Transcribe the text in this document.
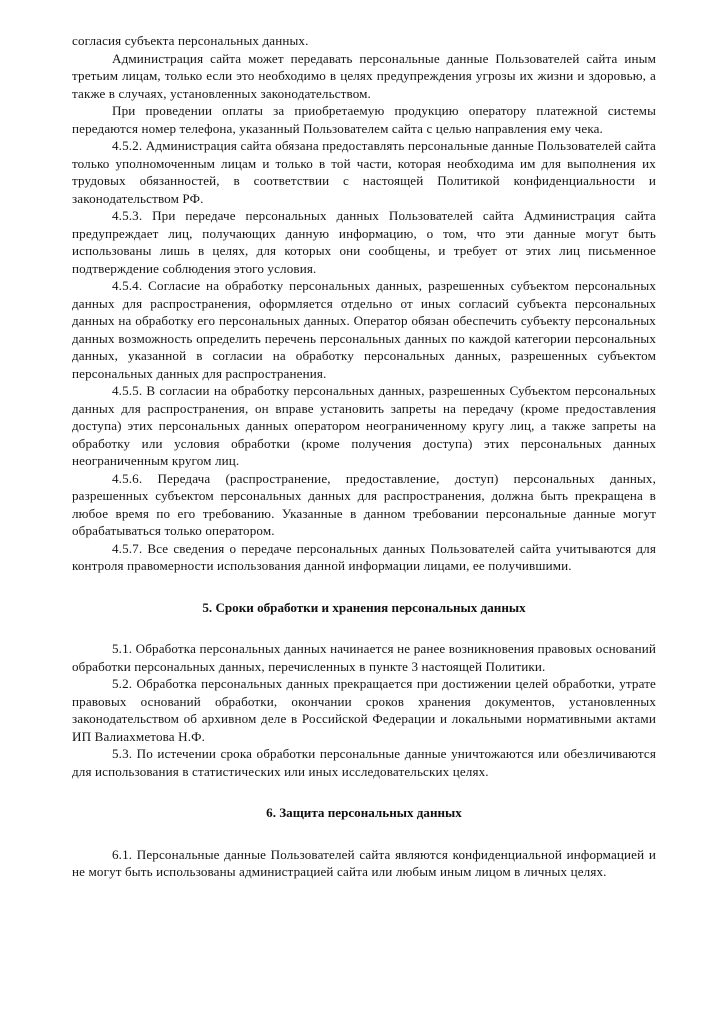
согласия субъекта персональных данных.

Администрация сайта может передавать персональные данные Пользователей сайта иным третьим лицам, только если это необходимо в целях предупреждения угрозы их жизни и здоровью, а также в случаях, установленных законодательством.

При проведении оплаты за приобретаемую продукцию оператору платежной системы передаются номер телефона, указанный Пользователем сайта с целью направления ему чека.

4.5.2. Администрация сайта обязана предоставлять персональные данные Пользователей сайта только уполномоченным лицам и только в той части, которая необходима им для выполнения их трудовых обязанностей, в соответствии с настоящей Политикой конфиденциальности и законодательством РФ.

4.5.3. При передаче персональных данных Пользователей сайта Администрация сайта предупреждает лиц, получающих данную информацию, о том, что эти данные могут быть использованы лишь в целях, для которых они сообщены, и требует от этих лиц письменное подтверждение соблюдения этого условия.

4.5.4. Согласие на обработку персональных данных, разрешенных субъектом персональных данных для распространения, оформляется отдельно от иных согласий субъекта персональных данных на обработку его персональных данных. Оператор обязан обеспечить субъекту персональных данных возможность определить перечень персональных данных по каждой категории персональных данных, указанной в согласии на обработку персональных данных, разрешенных субъектом персональных данных для распространения.

4.5.5. В согласии на обработку персональных данных, разрешенных Субъектом персональных данных для распространения, он вправе установить запреты на передачу (кроме предоставления доступа) этих персональных данных оператором неограниченному кругу лиц, а также запреты на обработку или условия обработки (кроме получения доступа) этих персональных данных неограниченным кругом лиц.

4.5.6. Передача (распространение, предоставление, доступ) персональных данных, разрешенных субъектом персональных данных для распространения, должна быть прекращена в любое время по его требованию. Указанные в данном требовании персональные данные могут обрабатываться только оператором.

4.5.7. Все сведения о передаче персональных данных Пользователей сайта учитываются для контроля правомерности использования данной информации лицами, ее получившими.

5. Сроки обработки и хранения персональных данных

5.1. Обработка персональных данных начинается не ранее возникновения правовых оснований обработки персональных данных, перечисленных в пункте 3 настоящей Политики.

5.2. Обработка персональных данных прекращается при достижении целей обработки, утрате правовых оснований обработки, окончании сроков хранения документов, установленных законодательством об архивном деле в Российской Федерации и локальными нормативными актами ИП Валиахметова Н.Ф.

5.3. По истечении срока обработки персональные данные уничтожаются или обезличиваются для использования в статистических или иных исследовательских целях.

6. Защита персональных данных

6.1. Персональные данные Пользователей сайта являются конфиденциальной информацией и не могут быть использованы администрацией сайта или любым иным лицом в личных целях.
